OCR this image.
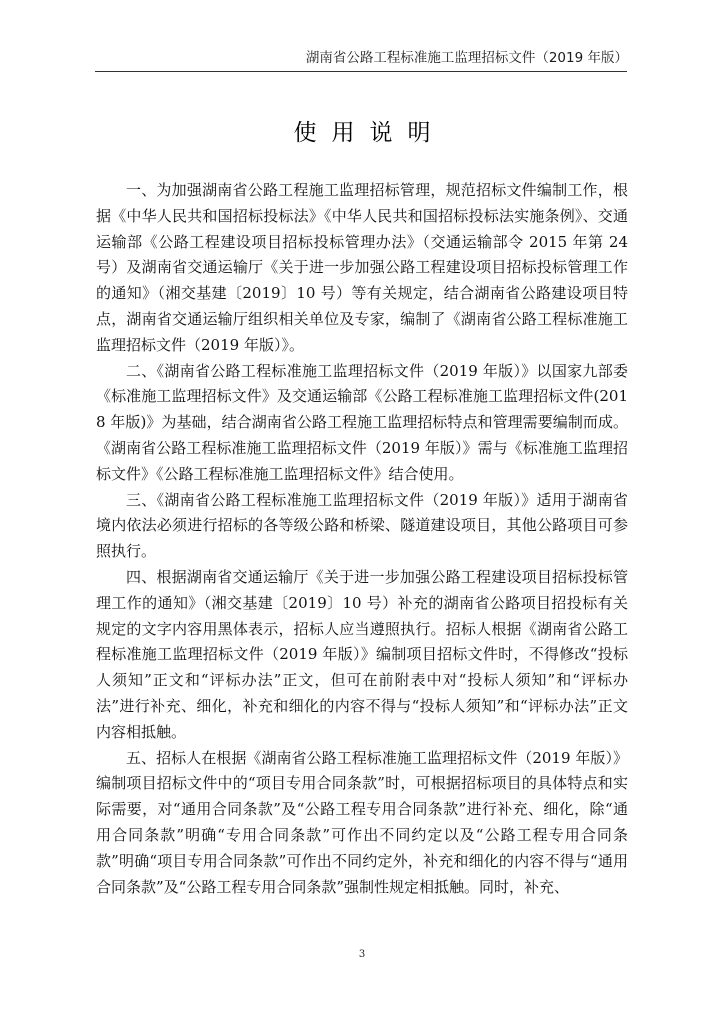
湖南省公路工程标准施工监理招标文件（2019 年版）
使用说明

一、为加强湖南省公路工程施工监理招标管理，规范招标文件编制工作，根据《中华人民共和国招标投标法》《中华人民共和国招标投标法实施条例》、交通运输部《公路工程建设项目招标投标管理办法》（交通运输部令 2015 年第 24 号）及湖南省交通运输厅《关于进一步加强公路工程建设项目招标投标管理工作的通知》（湘交基建〔2019〕10 号）等有关规定，结合湖南省公路建设项目特点，湖南省交通运输厅组织相关单位及专家，编制了《湖南省公路工程标准施工监理招标文件（2019 年版）》。

二、《湖南省公路工程标准施工监理招标文件（2019 年版）》以国家九部委《标准施工监理招标文件》及交通运输部《公路工程标准施工监理招标文件(2018 年版)》为基础，结合湖南省公路工程施工监理招标特点和管理需要编制而成。《湖南省公路工程标准施工监理招标文件（2019 年版）》需与《标准施工监理招标文件》《公路工程标准施工监理招标文件》结合使用。

三、《湖南省公路工程标准施工监理招标文件（2019 年版）》适用于湖南省境内依法必须进行招标的各等级公路和桥梁、隧道建设项目，其他公路项目可参照执行。

四、根据湖南省交通运输厅《关于进一步加强公路工程建设项目招标投标管理工作的通知》（湘交基建〔2019〕10 号）补充的湖南省公路项目招投标有关规定的文字内容用黑体表示，招标人应当遵照执行。招标人根据《湖南省公路工程标准施工监理招标文件（2019 年版）》编制项目招标文件时，不得修改“投标人须知”正文和“评标办法”正文，但可在前附表中对“投标人须知”和“评标办法”进行补充、细化，补充和细化的内容不得与“投标人须知”和“评标办法”正文内容相抵触。

五、招标人在根据《湖南省公路工程标准施工监理招标文件（2019 年版）》编制项目招标文件中的“项目专用合同条款”时，可根据招标项目的具体特点和实际需要，对“通用合同条款”及“公路工程专用合同条款”进行补充、细化，除“通用合同条款”明确“专用合同条款”可作出不同约定以及“公路工程专用合同条款”明确“项目专用合同条款”可作出不同约定外，补充和细化的内容不得与“通用合同条款”及“公路工程专用合同条款”强制性规定相抵触。同时，补充、

3
